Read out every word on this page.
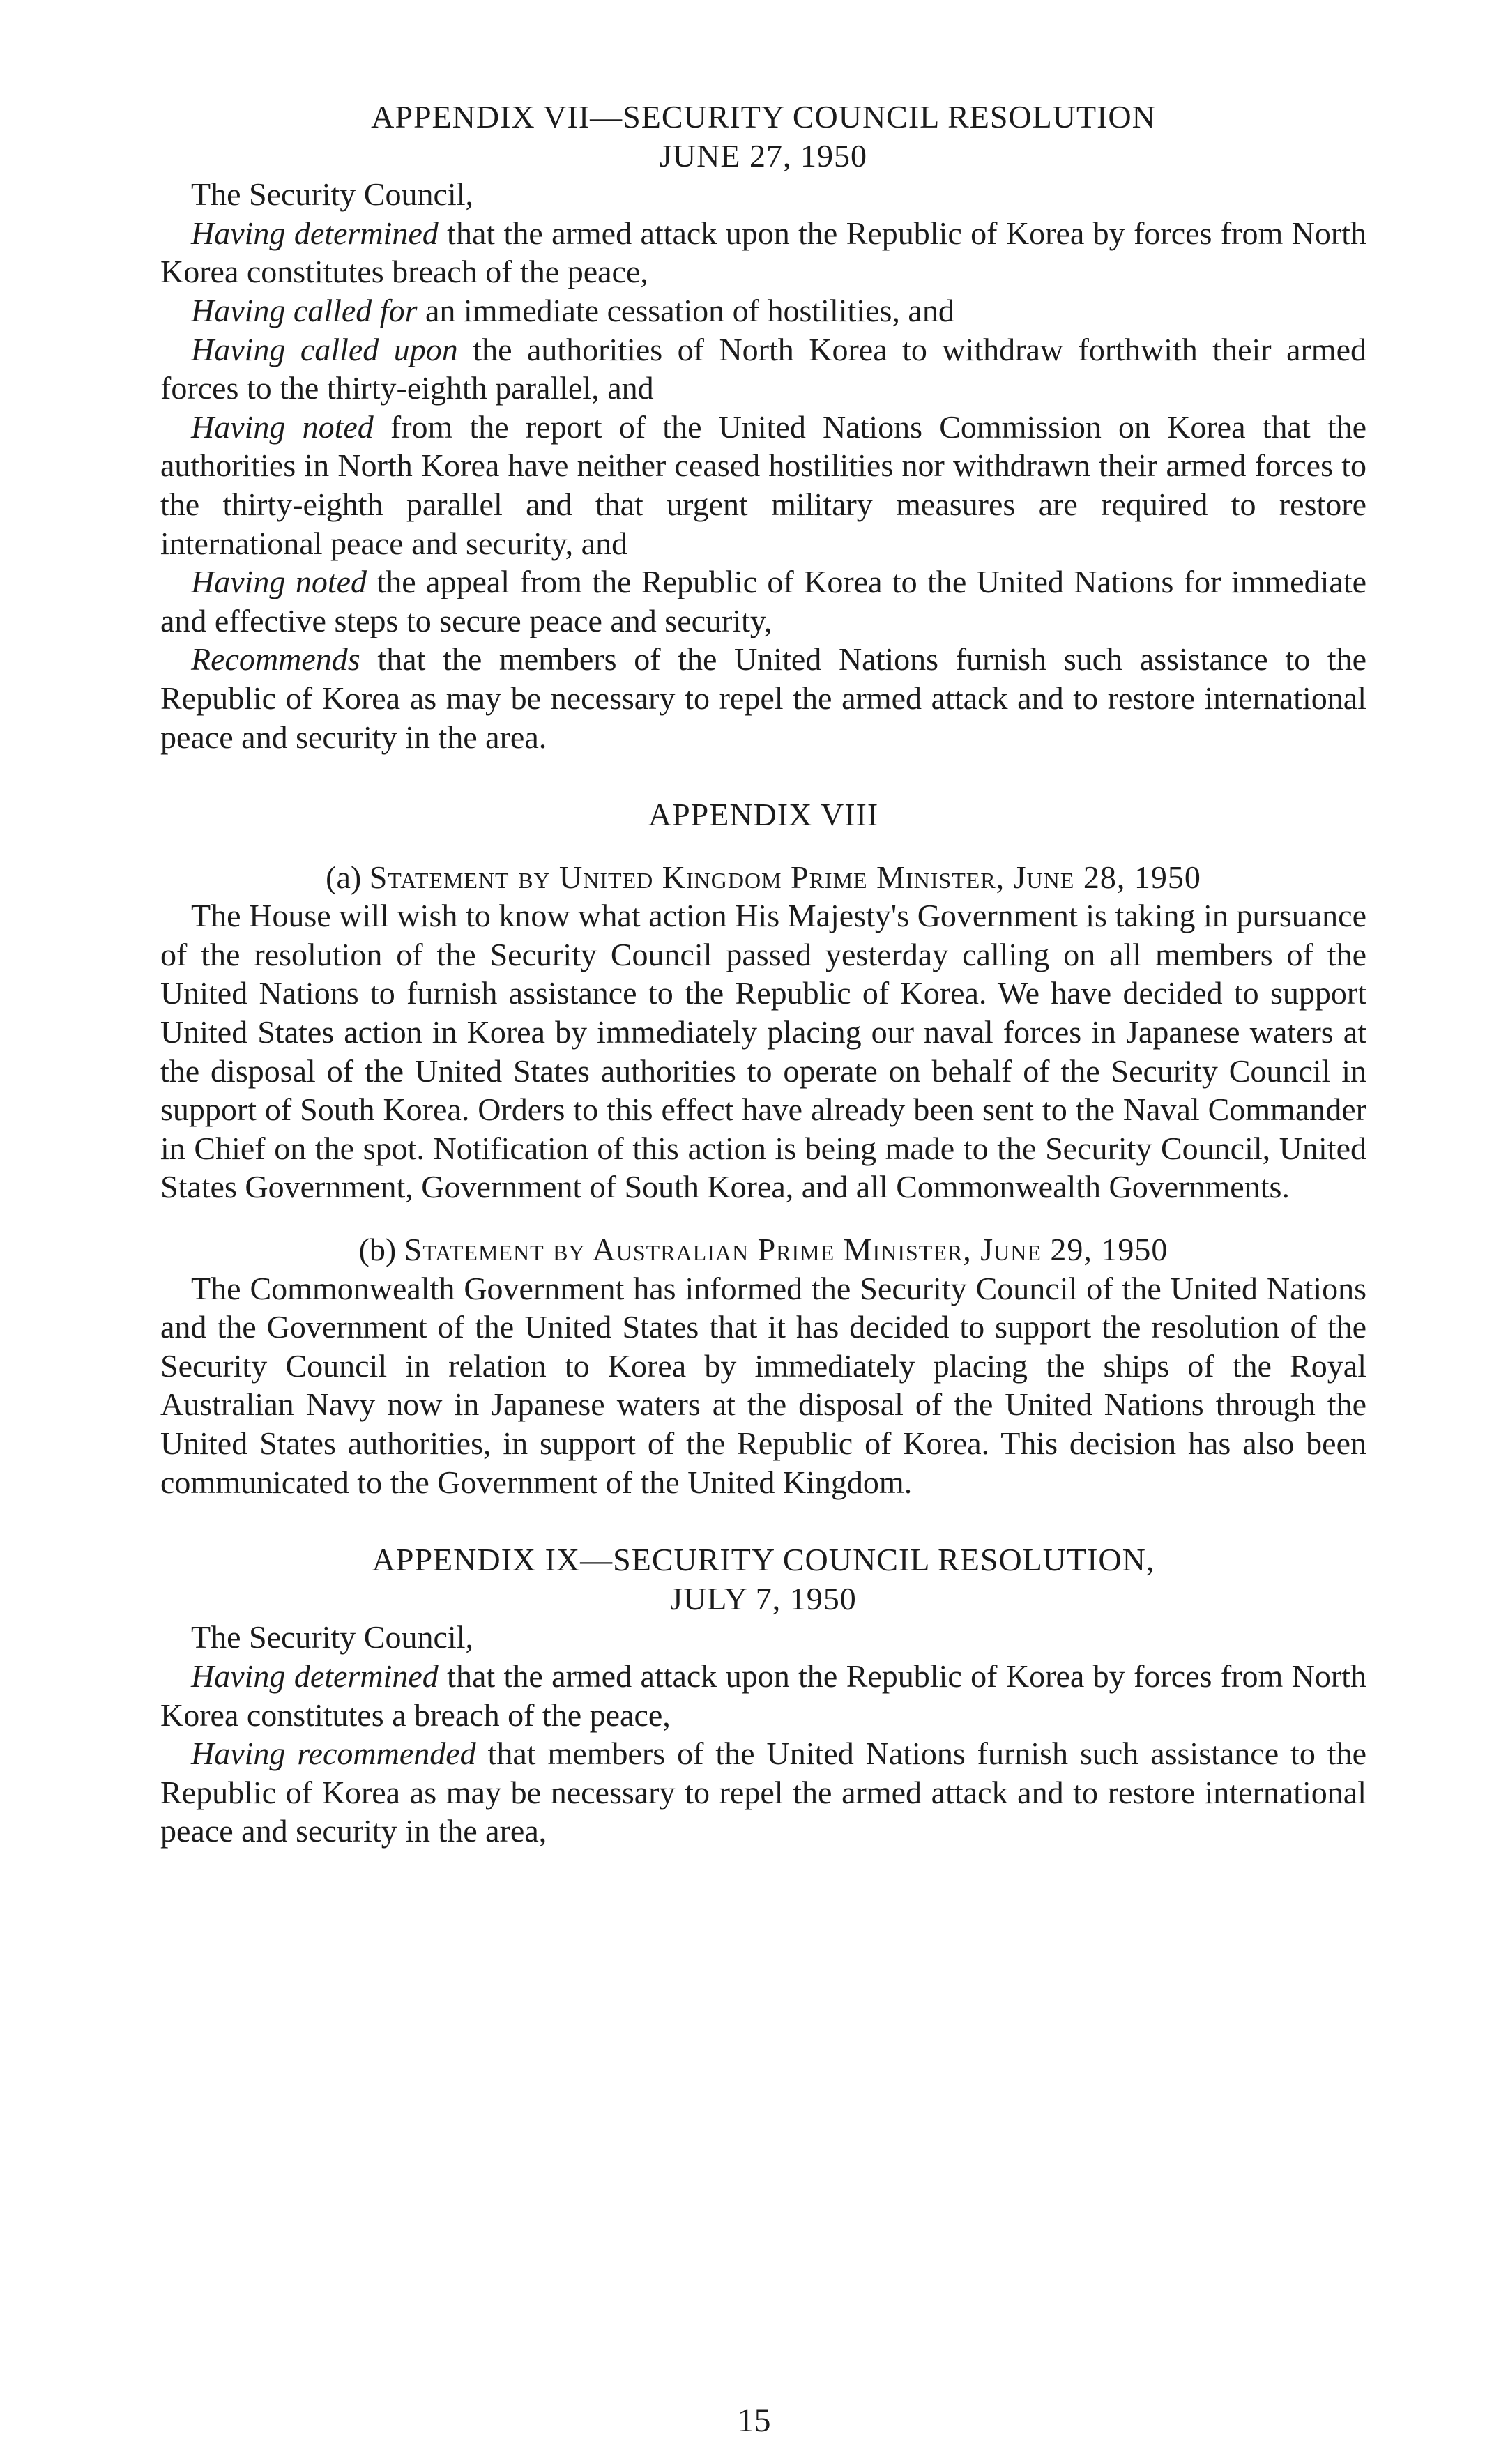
APPENDIX VII—SECURITY COUNCIL RESOLUTION
JUNE 27, 1950

The Security Council,

Having determined that the armed attack upon the Republic of Korea by forces from North Korea constitutes breach of the peace,

Having called for an immediate cessation of hostilities, and

Having called upon the authorities of North Korea to withdraw forthwith their armed forces to the thirty-eighth parallel, and

Having noted from the report of the United Nations Commission on Korea that the authorities in North Korea have neither ceased hostilities nor withdrawn their armed forces to the thirty-eighth parallel and that urgent military measures are required to restore international peace and security, and

Having noted the appeal from the Republic of Korea to the United Nations for immediate and effective steps to secure peace and security,

Recommends that the members of the United Nations furnish such assistance to the Republic of Korea as may be necessary to repel the armed attack and to restore international peace and security in the area.

APPENDIX VIII
(a) Statement by United Kingdom Prime Minister, June 28, 1950

The House will wish to know what action His Majesty's Government is taking in pursuance of the resolution of the Security Council passed yesterday calling on all members of the United Nations to furnish assistance to the Republic of Korea. We have decided to support United States action in Korea by immediately placing our naval forces in Japanese waters at the disposal of the United States authorities to operate on behalf of the Security Council in support of South Korea. Orders to this effect have already been sent to the Naval Commander in Chief on the spot. Notification of this action is being made to the Security Council, United States Government, Government of South Korea, and all Commonwealth Governments.

(b) Statement by Australian Prime Minister, June 29, 1950

The Commonwealth Government has informed the Security Council of the United Nations and the Government of the United States that it has decided to support the resolution of the Security Council in relation to Korea by immediately placing the ships of the Royal Australian Navy now in Japanese waters at the disposal of the United Nations through the United States authorities, in support of the Republic of Korea. This decision has also been communicated to the Government of the United Kingdom.

APPENDIX IX—SECURITY COUNCIL RESOLUTION,
JULY 7, 1950

The Security Council,

Having determined that the armed attack upon the Republic of Korea by forces from North Korea constitutes a breach of the peace,

Having recommended that members of the United Nations furnish such assistance to the Republic of Korea as may be necessary to repel the armed attack and to restore international peace and security in the area,

15
